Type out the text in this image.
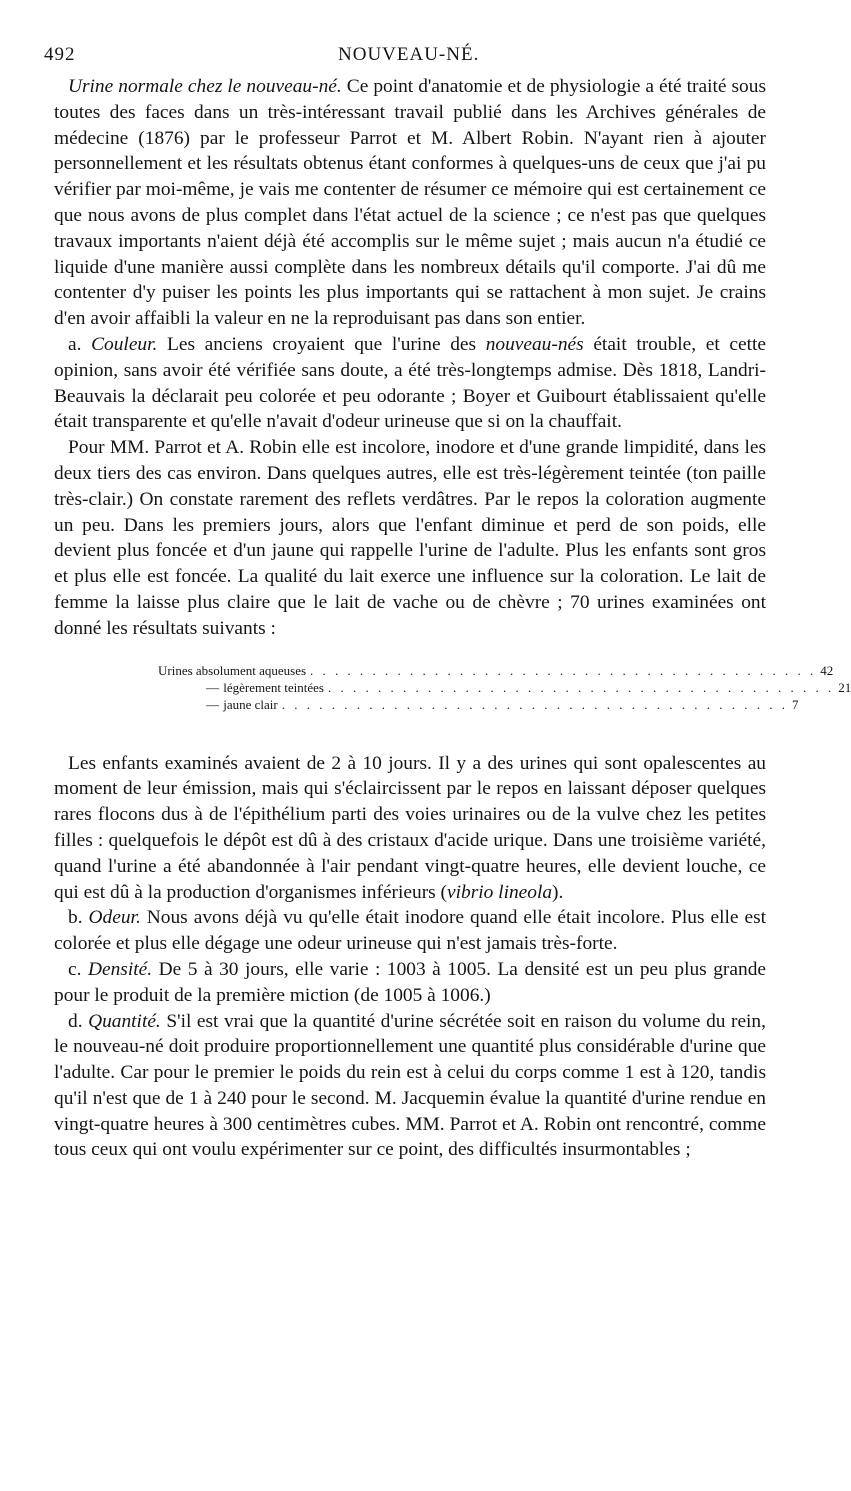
492	NOUVEAU-NÉ.

Urine normale chez le nouveau-né. Ce point d'anatomie et de physiologie a été traité sous toutes des faces dans un très-intéressant travail publié dans les Archives générales de médecine (1876) par le professeur Parrot et M. Albert Robin. N'ayant rien à ajouter personnellement et les résultats obtenus étant conformes à quelques-uns de ceux que j'ai pu vérifier par moi-même, je vais me contenter de résumer ce mémoire qui est certainement ce que nous avons de plus complet dans l'état actuel de la science ; ce n'est pas que quelques travaux importants n'aient déjà été accomplis sur le même sujet ; mais aucun n'a étudié ce liquide d'une manière aussi complète dans les nombreux détails qu'il comporte. J'ai dû me contenter d'y puiser les points les plus importants qui se rattachent à mon sujet. Je crains d'en avoir affaibli la valeur en ne la reproduisant pas dans son entier.

a. Couleur. Les anciens croyaient que l'urine des nouveau-nés était trouble, et cette opinion, sans avoir été vérifiée sans doute, a été très-longtemps admise. Dès 1818, Landri-Beauvais la déclarait peu colorée et peu odorante ; Boyer et Guibourt établissaient qu'elle était transparente et qu'elle n'avait d'odeur urineuse que si on la chauffait.

Pour MM. Parrot et A. Robin elle est incolore, inodore et d'une grande limpidité, dans les deux tiers des cas environ. Dans quelques autres, elle est très-légèrement teintée (ton paille très-clair.) On constate rarement des reflets verdâtres. Par le repos la coloration augmente un peu. Dans les premiers jours, alors que l'enfant diminue et perd de son poids, elle devient plus foncée et d'un jaune qui rappelle l'urine de l'adulte. Plus les enfants sont gros et plus elle est foncée. La qualité du lait exerce une influence sur la coloration. Le lait de femme la laisse plus claire que le lait de vache ou de chèvre ; 70 urines examinées ont donné les résultats suivants :

Urines absolument aqueuses . . . . . . . . . . . . . . . . . . . . . . . . . . . . . . . . . . . . . . . . . 42
— légèrement teintées . . . . . . . . . . . . . . . . . . . . . . . . . . . . . . . . . . . . . . . . . 21
— jaune clair . . . . . . . . . . . . . . . . . . . . . . . . . . . . . . . . . . . . . . . . . 7

Les enfants examinés avaient de 2 à 10 jours. Il y a des urines qui sont opalescentes au moment de leur émission, mais qui s'éclaircissent par le repos en laissant déposer quelques rares flocons dus à de l'épithélium parti des voies urinaires ou de la vulve chez les petites filles : quelquefois le dépôt est dû à des cristaux d'acide urique. Dans une troisième variété, quand l'urine a été abandonnée à l'air pendant vingt-quatre heures, elle devient louche, ce qui est dû à la production d'organismes inférieurs (vibrio lineola).

b. Odeur. Nous avons déjà vu qu'elle était inodore quand elle était incolore. Plus elle est colorée et plus elle dégage une odeur urineuse qui n'est jamais très-forte.

c. Densité. De 5 à 30 jours, elle varie : 1003 à 1005. La densité est un peu plus grande pour le produit de la première miction (de 1005 à 1006.)

d. Quantité. S'il est vrai que la quantité d'urine sécrétée soit en raison du volume du rein, le nouveau-né doit produire proportionnellement une quantité plus considérable d'urine que l'adulte. Car pour le premier le poids du rein est à celui du corps comme 1 est à 120, tandis qu'il n'est que de 1 à 240 pour le second. M. Jacquemin évalue la quantité d'urine rendue en vingt-quatre heures à 300 centimètres cubes. MM. Parrot et A. Robin ont rencontré, comme tous ceux qui ont voulu expérimenter sur ce point, des difficultés insurmontables ;
